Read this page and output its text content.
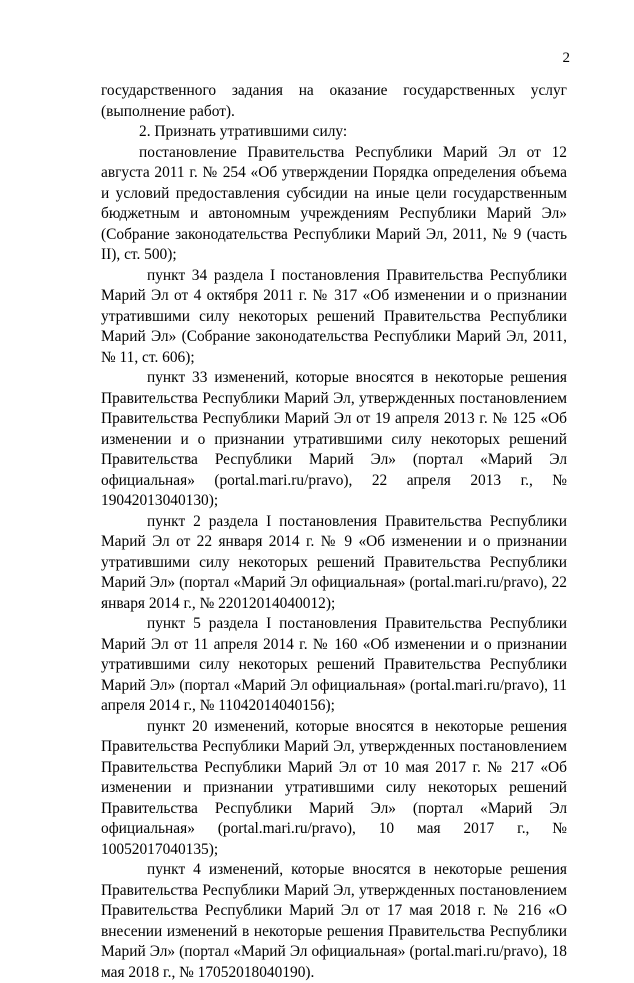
2

государственного задания на оказание государственных услуг (выполнение работ).

2. Признать утратившими силу:

постановление Правительства Республики Марий Эл от 12 августа 2011 г. № 254 «Об утверждении Порядка определения объема и условий предоставления субсидии на иные цели государственным бюджетным и автономным учреждениям Республики Марий Эл» (Собрание законодательства Республики Марий Эл, 2011, № 9 (часть II), ст. 500);

пункт 34 раздела I постановления Правительства Республики Марий Эл от 4 октября 2011 г. № 317 «Об изменении и о признании утратившими силу некоторых решений Правительства Республики Марий Эл» (Собрание законодательства Республики Марий Эл, 2011, № 11, ст. 606);

пункт 33 изменений, которые вносятся в некоторые решения Правительства Республики Марий Эл, утвержденных постановлением Правительства Республики Марий Эл от 19 апреля 2013 г. № 125 «Об изменении и о признании утратившими силу некоторых решений Правительства Республики Марий Эл» (портал «Марий Эл официальная» (portal.mari.ru/pravo), 22 апреля 2013 г., № 19042013040130);

пункт 2 раздела I постановления Правительства Республики Марий Эл от 22 января 2014 г. № 9 «Об изменении и о признании утратившими силу некоторых решений Правительства Республики Марий Эл» (портал «Марий Эл официальная» (portal.mari.ru/pravo), 22 января 2014 г., № 22012014040012);

пункт 5 раздела I постановления Правительства Республики Марий Эл от 11 апреля 2014 г. № 160 «Об изменении и о признании утратившими силу некоторых решений Правительства Республики Марий Эл» (портал «Марий Эл официальная» (portal.mari.ru/pravo), 11 апреля 2014 г., № 11042014040156);

пункт 20 изменений, которые вносятся в некоторые решения Правительства Республики Марий Эл, утвержденных постановлением Правительства Республики Марий Эл от 10 мая 2017 г. № 217 «Об изменении и признании утратившими силу некоторых решений Правительства Республики Марий Эл» (портал «Марий Эл официальная» (portal.mari.ru/pravo), 10 мая 2017 г., № 10052017040135);

пункт 4 изменений, которые вносятся в некоторые решения Правительства Республики Марий Эл, утвержденных постановлением Правительства Республики Марий Эл от 17 мая 2018 г. № 216 «О внесении изменений в некоторые решения Правительства Республики Марий Эл» (портал «Марий Эл официальная» (portal.mari.ru/pravo), 18 мая 2018 г., № 17052018040190).
